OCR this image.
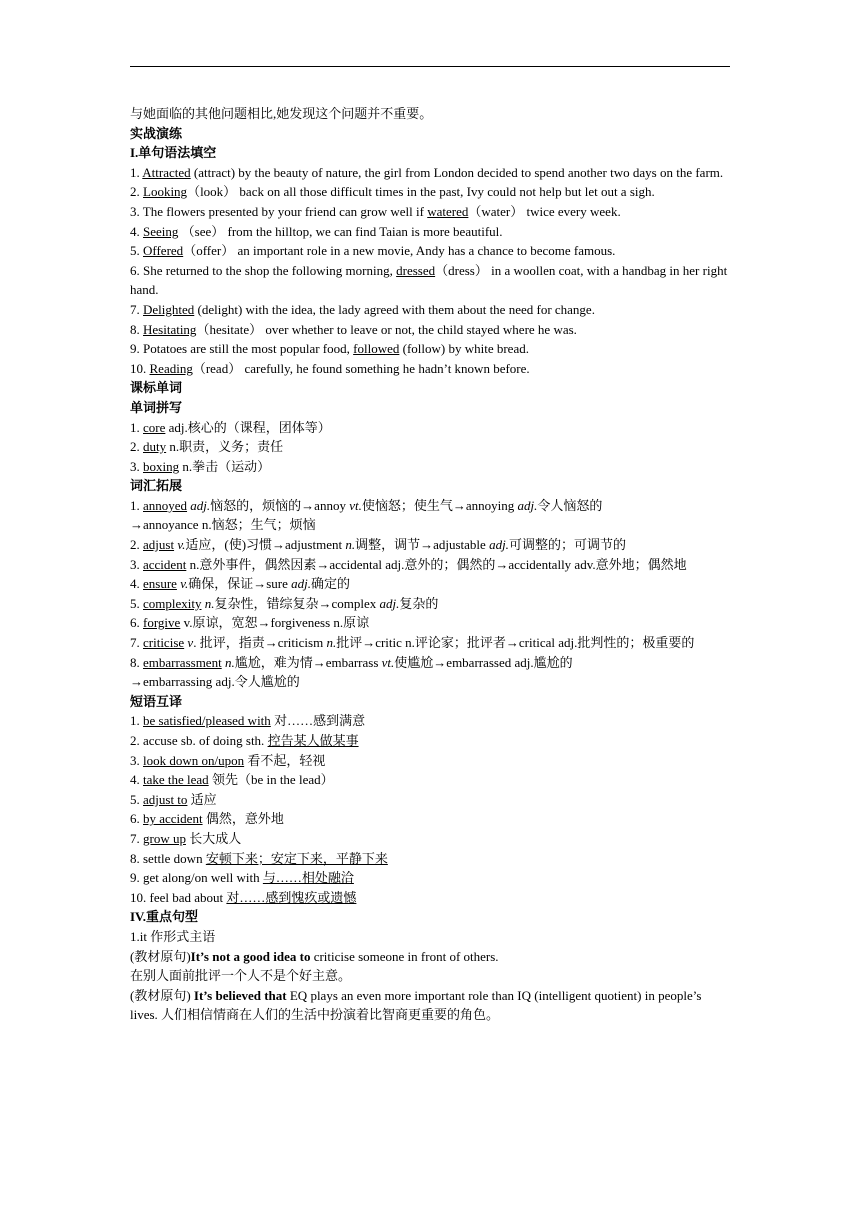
与她面临的其他问题相比,她发现这个问题并不重要。

实战演练

I.单句语法填空

1. Attracted (attract) by the beauty of nature, the girl from London decided to spend another two days on the farm.

2. Looking（look） back on all those difficult times in the past, Ivy could not help but let out a sigh.

3. The flowers presented by your friend can grow well if watered（water） twice every week.

4. Seeing （see） from the hilltop, we can find Taian is more beautiful.

5. Offered（offer） an important role in a new movie, Andy has a chance to become famous.

6. She returned to the shop the following morning, dressed（dress） in a woollen coat, with a handbag in her right hand.

7. Delighted (delight) with the idea, the lady agreed with them about the need for change.

8. Hesitating（hesitate） over whether to leave or not, the child stayed where he was.

9. Potatoes are still the most popular food, followed (follow) by white bread.

10. Reading（read） carefully, he found something he hadn’t known before.

课标单词

单词拼写

1. core adj.核心的（课程，团体等）

2. duty n.职责，义务；责任

3. boxing n.拳击（运动）

词汇拓展

1. annoyed adj.恼怒的，烦恼的→annoy vt.使恼怒；使生气→annoying adj.令人恼怒的
→annoyance n.恼怒；生气；烦恼

2. adjust v.适应，(使)习惯→adjustment n.调整，调节→adjustable adj.可调整的；可调节的

3. accident n.意外事件，偶然因素→accidental adj.意外的；偶然的→accidentally adv.意外地；偶然地

4. ensure v.确保，保证→sure adj.确定的

5. complexity n.复杂性，错综复杂→complex adj.复杂的

6. forgive v.原谅，宽恕→forgiveness n.原谅

7. criticise v. 批评，指责→criticism n.批评→critic n.评论家；批评者→critical adj.批判性的；极重要的

8. embarrassment n.尴尬，难为情→embarrass vt.使尴尬→embarrassed adj.尴尬的
→embarrassing adj.令人尴尬的

短语互译

1. be satisfied/pleased with 对……感到满意

2. accuse sb. of doing sth. 控告某人做某事

3. look down on/upon 看不起，轻视

4. take the lead 领先（be in the lead）

5. adjust to 适应

6. by accident 偶然，意外地

7. grow up 长大成人

8. settle down 安顿下来；安定下来，平静下来

9. get along/on well with 与……相处融洽

10. feel bad about 对……感到愧疚或遗憾

IV.重点句型

1.it 作形式主语

(教材原句)It’s not a good idea to criticise someone in front of others.

在别人面前批评一个人不是个好主意。

(教材原句) It’s believed that EQ plays an even more important role than IQ (intelligent quotient) in people’s lives. 人们相信情商在人们的生活中扮演着比智商更重要的角色。
